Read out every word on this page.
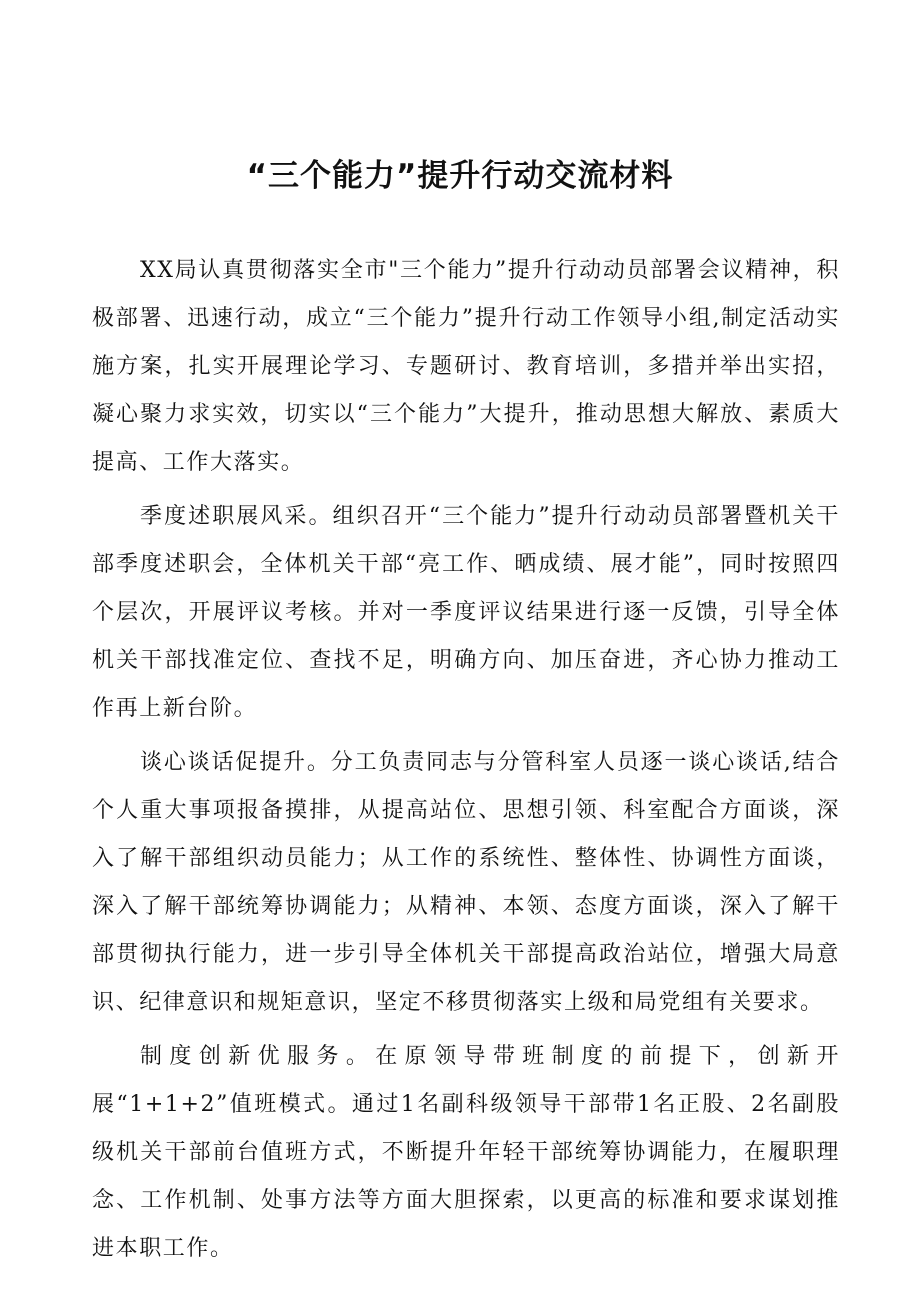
“三个能力”提升行动交流材料

XX局认真贯彻落实全市"三个能力”提升行动动员部署会议精神，积极部署、迅速行动，成立“三个能力”提升行动工作领导小组,制定活动实施方案，扎实开展理论学习、专题研讨、教育培训，多措并举出实招，凝心聚力求实效，切实以“三个能力”大提升，推动思想大解放、素质大提高、工作大落实。

季度述职展风采。组织召开“三个能力”提升行动动员部署暨机关干部季度述职会，全体机关干部“亮工作、晒成绩、展才能”，同时按照四个层次，开展评议考核。并对一季度评议结果进行逐一反馈，引导全体机关干部找准定位、查找不足，明确方向、加压奋进，齐心协力推动工作再上新台阶。

谈心谈话促提升。分工负责同志与分管科室人员逐一谈心谈话,结合个人重大事项报备摸排，从提高站位、思想引领、科室配合方面谈，深入了解干部组织动员能力；从工作的系统性、整体性、协调性方面谈，深入了解干部统筹协调能力；从精神、本领、态度方面谈，深入了解干部贯彻执行能力，进一步引导全体机关干部提高政治站位，增强大局意识、纪律意识和规矩意识，坚定不移贯彻落实上级和局党组有关要求。

制度创新优服务。在原领导带班制度的前提下，创新开展“1+1+2”值班模式。通过1名副科级领导干部带1名正股、2名副股级机关干部前台值班方式，不断提升年轻干部统筹协调能力，在履职理念、工作机制、处事方法等方面大胆探索，以更高的标准和要求谋划推进本职工作。
